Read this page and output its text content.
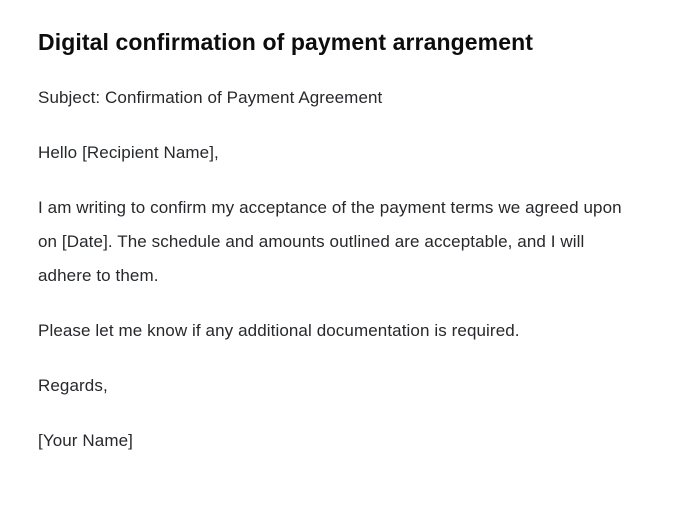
Digital confirmation of payment arrangement

Subject: Confirmation of Payment Agreement

Hello [Recipient Name],

I am writing to confirm my acceptance of the payment terms we agreed upon on [Date]. The schedule and amounts outlined are acceptable, and I will adhere to them.

Please let me know if any additional documentation is required.

Regards,

[Your Name]
